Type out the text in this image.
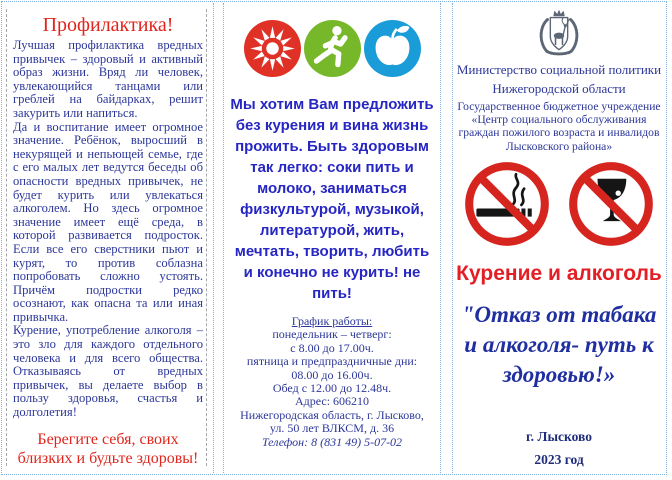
Профилактика!

Лучшая профилактика вредных привычек – здоровый и активный образ жизни. Вряд ли человек, увлекающийся танцами или греблей на байдарках, решит закурить или напиться.

Да и воспитание имеет огромное значение. Ребёнок, выросший в некурящей и непьющей семье, где с его малых лет ведутся беседы об опасности вредных привычек, не будет курить или увлекаться алкоголем. Но здесь огромное значение имеет ещё среда, в которой развивается подросток. Если все его сверстники пьют и курят, то против соблазна попробовать сложно устоять. Причём подростки редко осознают, как опасна та или иная привычка.

Курение, употребление алкоголя – это зло для каждого отдельного человека и для всего общества. Отказываясь от вредных привычек, вы делаете выбор в пользу здоровья, счастья и долголетия!

Берегите себя, своих близких и будьте здоровы!

Мы хотим Вам предложить без курения и вина жизнь прожить. Быть здоровым так легко: соки пить и молоко, заниматься физкультурой, музыкой, литературой, жить, мечтать, творить, любить и конечно не курить! не пить!

График работы:
понедельник – четверг:
с 8.00 до 17.00ч.
пятница и предпраздничные дни:
08.00 до 16.00ч.
Обед с 12.00 до 12.48ч.
Адрес: 606210
Нижегородская область, г. Лысково,
ул. 50 лет ВЛКСМ, д. 36
Телефон: 8 (831 49) 5-07-02
Министерство социальной политики
Нижегородской области
Государственное бюджетное учреждение «Центр социального обслуживания граждан пожилого возраста и инвалидов Лысковского района»
Курение и алкоголь
"Отказ от табака и алкоголя- путь к здоровью!»
г. Лысково
2023 год
